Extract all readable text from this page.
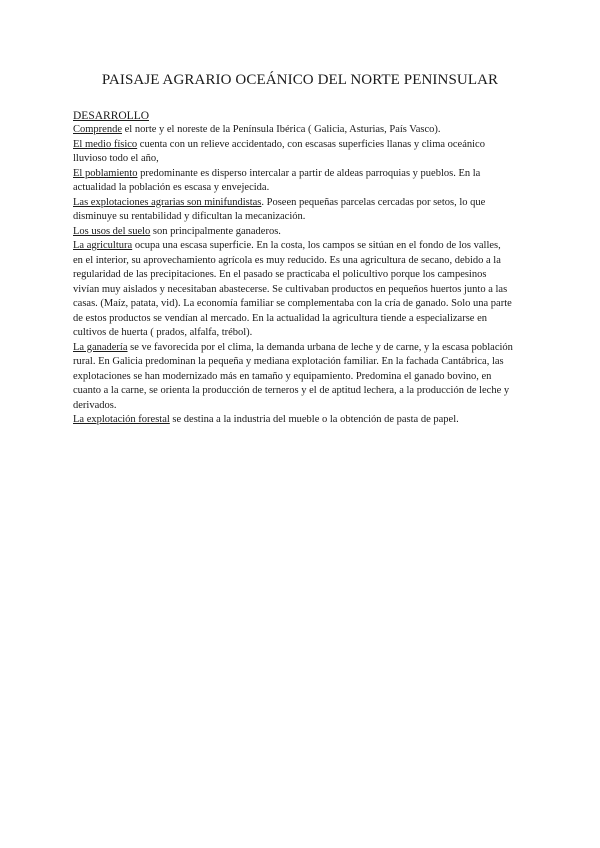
PAISAJE AGRARIO OCEÁNICO DEL NORTE PENINSULAR
DESARROLLO

Comprende el norte y el noreste de la Península Ibérica ( Galicia, Asturias, País Vasco).

El medio físico cuenta con un relieve accidentado, con escasas superficies llanas y clima oceánico lluvioso todo el año,

El poblamiento predominante es disperso intercalar a partir de aldeas parroquias y pueblos. En la actualidad la población es escasa y envejecida.

Las explotaciones agrarias son minifundistas. Poseen pequeñas parcelas cercadas por setos, lo que disminuye su rentabilidad y dificultan la mecanización.

Los usos del suelo son principalmente ganaderos.

La agricultura ocupa una escasa superficie. En la costa, los campos se sitúan en el fondo de los valles, en el interior, su aprovechamiento agrícola es muy reducido. Es una agricultura de secano, debido a la regularidad de las precipitaciones. En el pasado se practicaba el policultivo porque los campesinos vivían muy aislados y necesitaban abastecerse. Se cultivaban productos en pequeños huertos junto a las casas. (Maíz, patata, vid). La economía familiar se complementaba con la cría de ganado. Solo una parte de estos productos se vendían al mercado. En la actualidad la agricultura tiende a especializarse en cultivos de huerta ( prados, alfalfa, trébol).

La ganadería se ve favorecida por el clima, la demanda urbana de leche y de carne, y la escasa población rural. En Galicia predominan la pequeña y mediana explotación familiar. En la fachada Cantábrica, las explotaciones se han modernizado más en tamaño y equipamiento. Predomina el ganado bovino, en cuanto a la carne, se orienta la producción de terneros y el de aptitud lechera, a la producción de leche y derivados.

La explotación forestal se destina a la industria del mueble o la obtención de pasta de papel.
